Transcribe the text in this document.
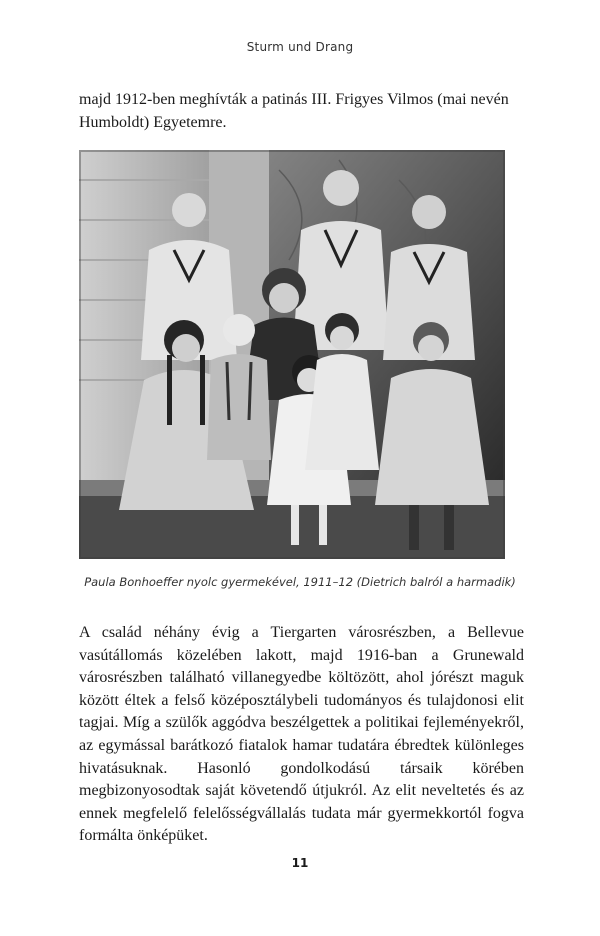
Sturm und Drang

majd 1912-ben meghívták a patinás III. Frigyes Vilmos (mai nevén Humboldt) Egyetemre.

Paula Bonhoeffer nyolc gyermekével, 1911–12 (Dietrich balról a harmadik)

A család néhány évig a Tiergarten városrészben, a Bellevue vasútállomás közelében lakott, majd 1916-ban a Grunewald városrészben található villanegyedbe költözött, ahol jórészt maguk között éltek a felső középosztálybeli tudományos és tulajdonosi elit tagjai. Míg a szülők aggódva beszélgettek a politikai fejleményekről, az egymással barátkozó fiatalok hamar tudatára ébredtek különleges hivatásuknak. Hasonló gondolkodású társaik körében megbizonyosodtak saját követendő útjukról. Az elit neveltetés és az ennek megfelelő felelősségvállalás tudata már gyermekkortól fogva formálta önképüket.

11
